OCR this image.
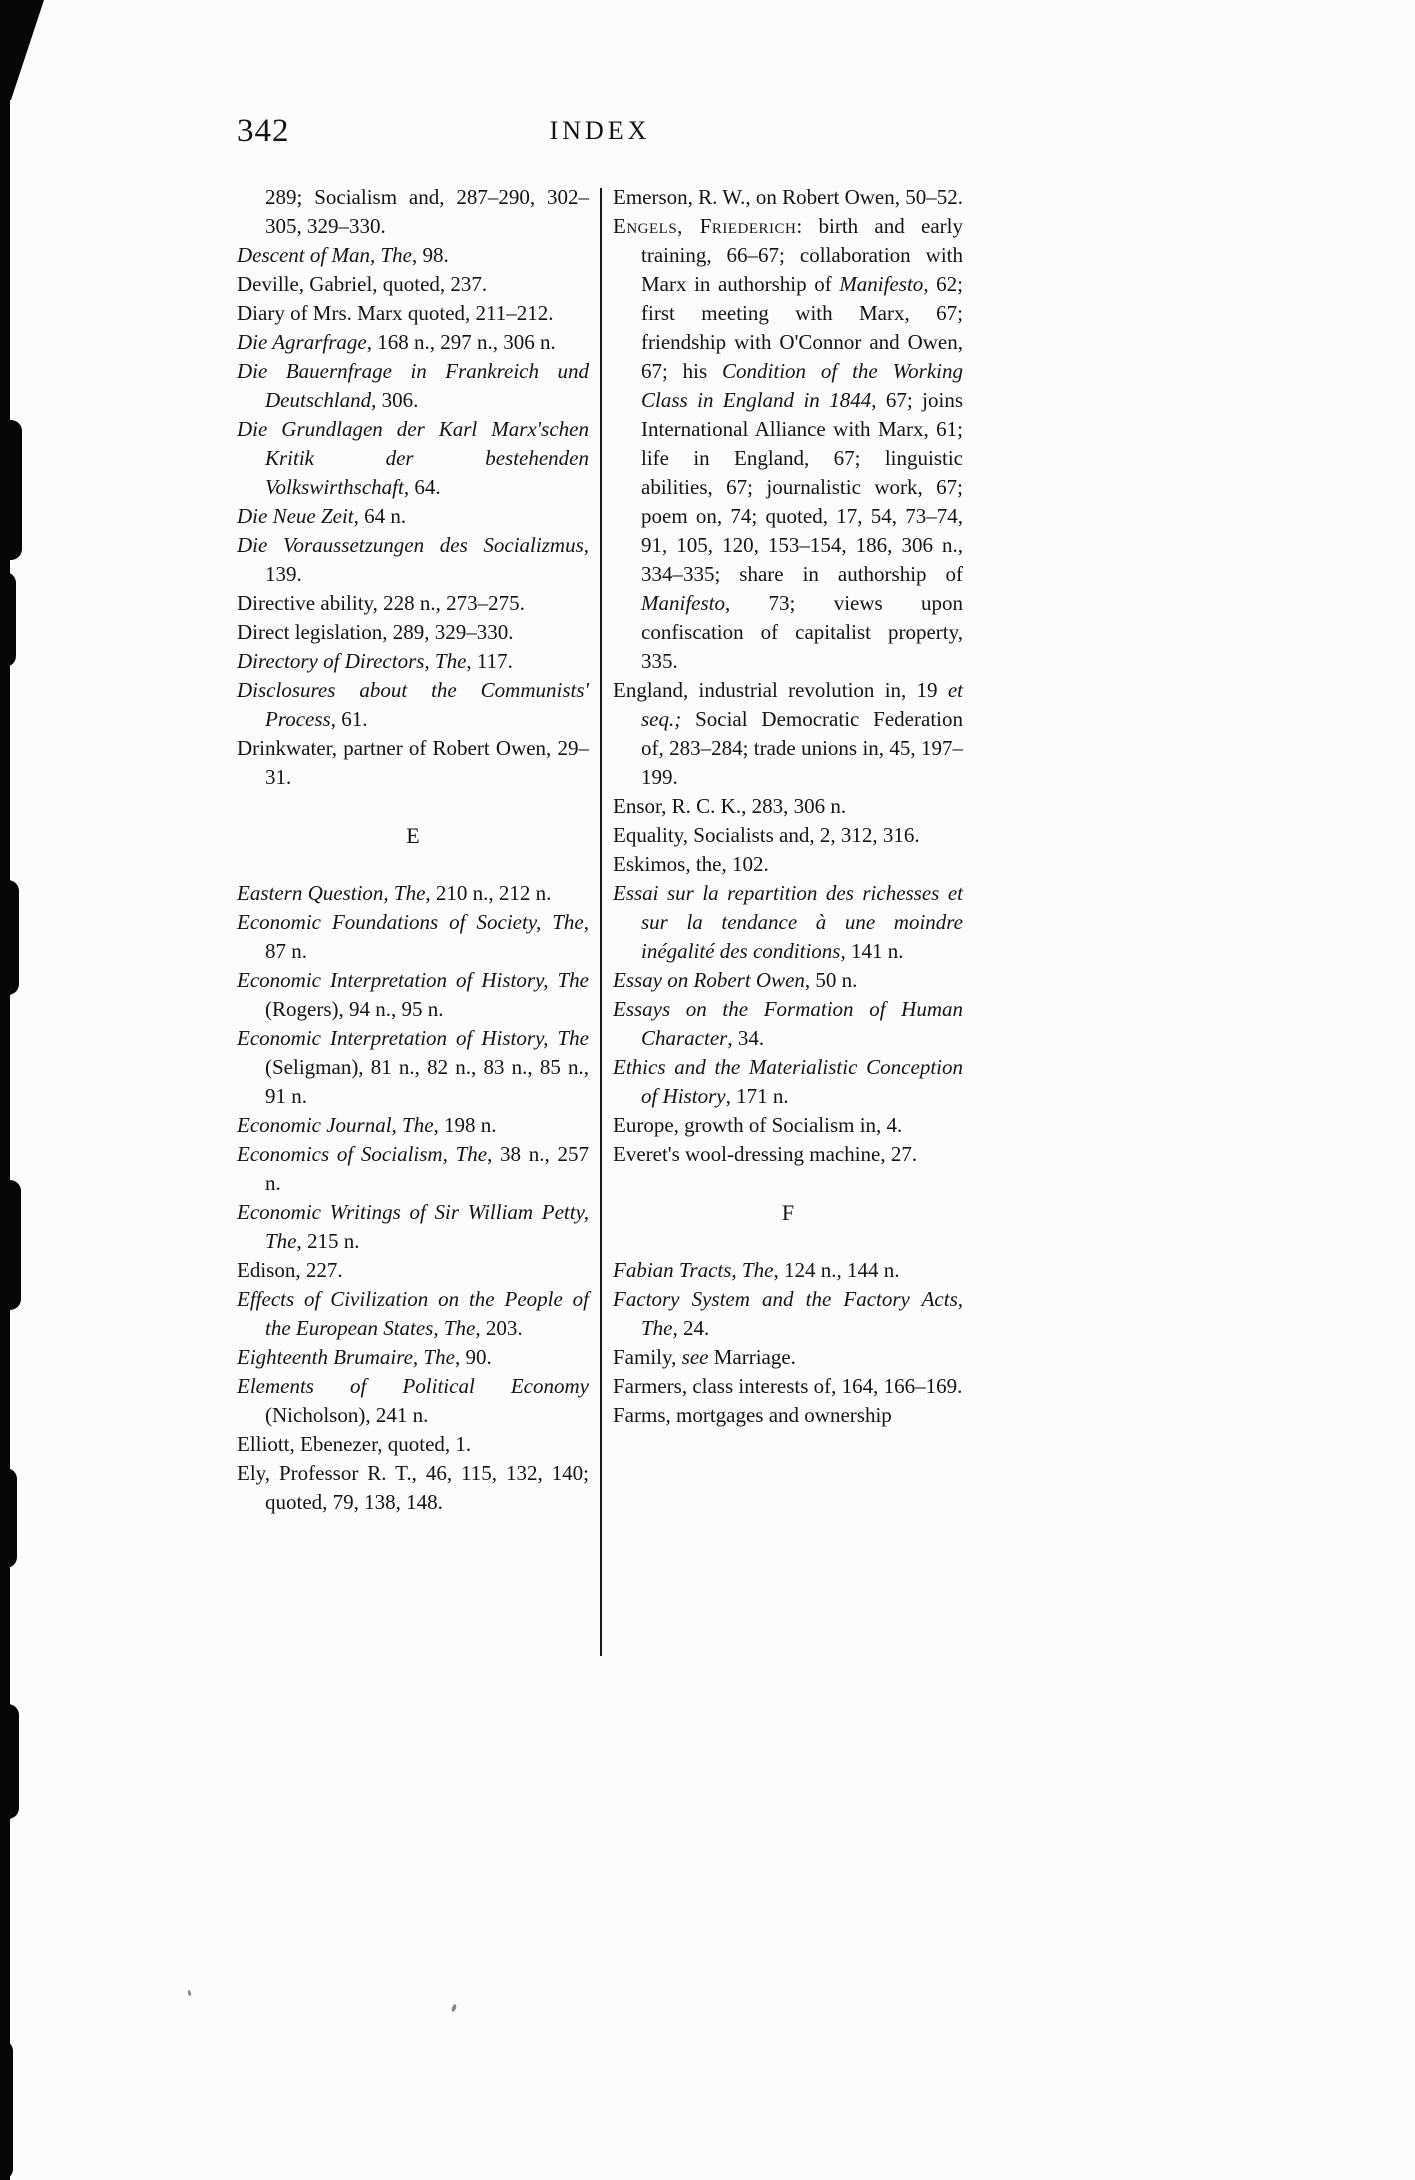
342	INDEX
289; Socialism and, 287–290, 302–305, 329–330.
Descent of Man, The, 98.
Deville, Gabriel, quoted, 237.
Diary of Mrs. Marx quoted, 211–212.
Die Agrarfrage, 168 n., 297 n., 306 n.
Die Bauernfrage in Frankreich und Deutschland, 306.
Die Grundlagen der Karl Marx'schen Kritik der bestehenden Volkswirthschaft, 64.
Die Neue Zeit, 64 n.
Die Voraussetzungen des Socializmus, 139.
Directive ability, 228 n., 273–275.
Direct legislation, 289, 329–330.
Directory of Directors, The, 117.
Disclosures about the Communists' Process, 61.
Drinkwater, partner of Robert Owen, 29–31.
E
Eastern Question, The, 210 n., 212 n.
Economic Foundations of Society, The, 87 n.
Economic Interpretation of History, The (Rogers), 94 n., 95 n.
Economic Interpretation of History, The (Seligman), 81 n., 82 n., 83 n., 85 n., 91 n.
Economic Journal, The, 198 n.
Economics of Socialism, The, 38 n., 257 n.
Economic Writings of Sir William Petty, The, 215 n.
Edison, 227.
Effects of Civilization on the People of the European States, The, 203.
Eighteenth Brumaire, The, 90.
Elements of Political Economy (Nicholson), 241 n.
Elliott, Ebenezer, quoted, 1.
Ely, Professor R. T., 46, 115, 132, 140; quoted, 79, 138, 148.
Emerson, R. W., on Robert Owen, 50–52.
Engels, Friederich: birth and early training, 66–67; collaboration with Marx in authorship of Manifesto, 62; first meeting with Marx, 67; friendship with O'Connor and Owen, 67; his Condition of the Working Class in England in 1844, 67; joins International Alliance with Marx, 61; life in England, 67; linguistic abilities, 67; journalistic work, 67; poem on, 74; quoted, 17, 54, 73–74, 91, 105, 120, 153–154, 186, 306 n., 334–335; share in authorship of Manifesto, 73; views upon confiscation of capitalist property, 335.
England, industrial revolution in, 19 et seq.; Social Democratic Federation of, 283–284; trade unions in, 45, 197–199.
Ensor, R. C. K., 283, 306 n.
Equality, Socialists and, 2, 312, 316.
Eskimos, the, 102.
Essai sur la repartition des richesses et sur la tendance à une moindre inégalité des conditions, 141 n.
Essay on Robert Owen, 50 n.
Essays on the Formation of Human Character, 34.
Ethics and the Materialistic Conception of History, 171 n.
Europe, growth of Socialism in, 4.
Everet's wool-dressing machine, 27.
F
Fabian Tracts, The, 124 n., 144 n.
Factory System and the Factory Acts, The, 24.
Family, see Marriage.
Farmers, class interests of, 164, 166–169.
Farms, mortgages and ownership
